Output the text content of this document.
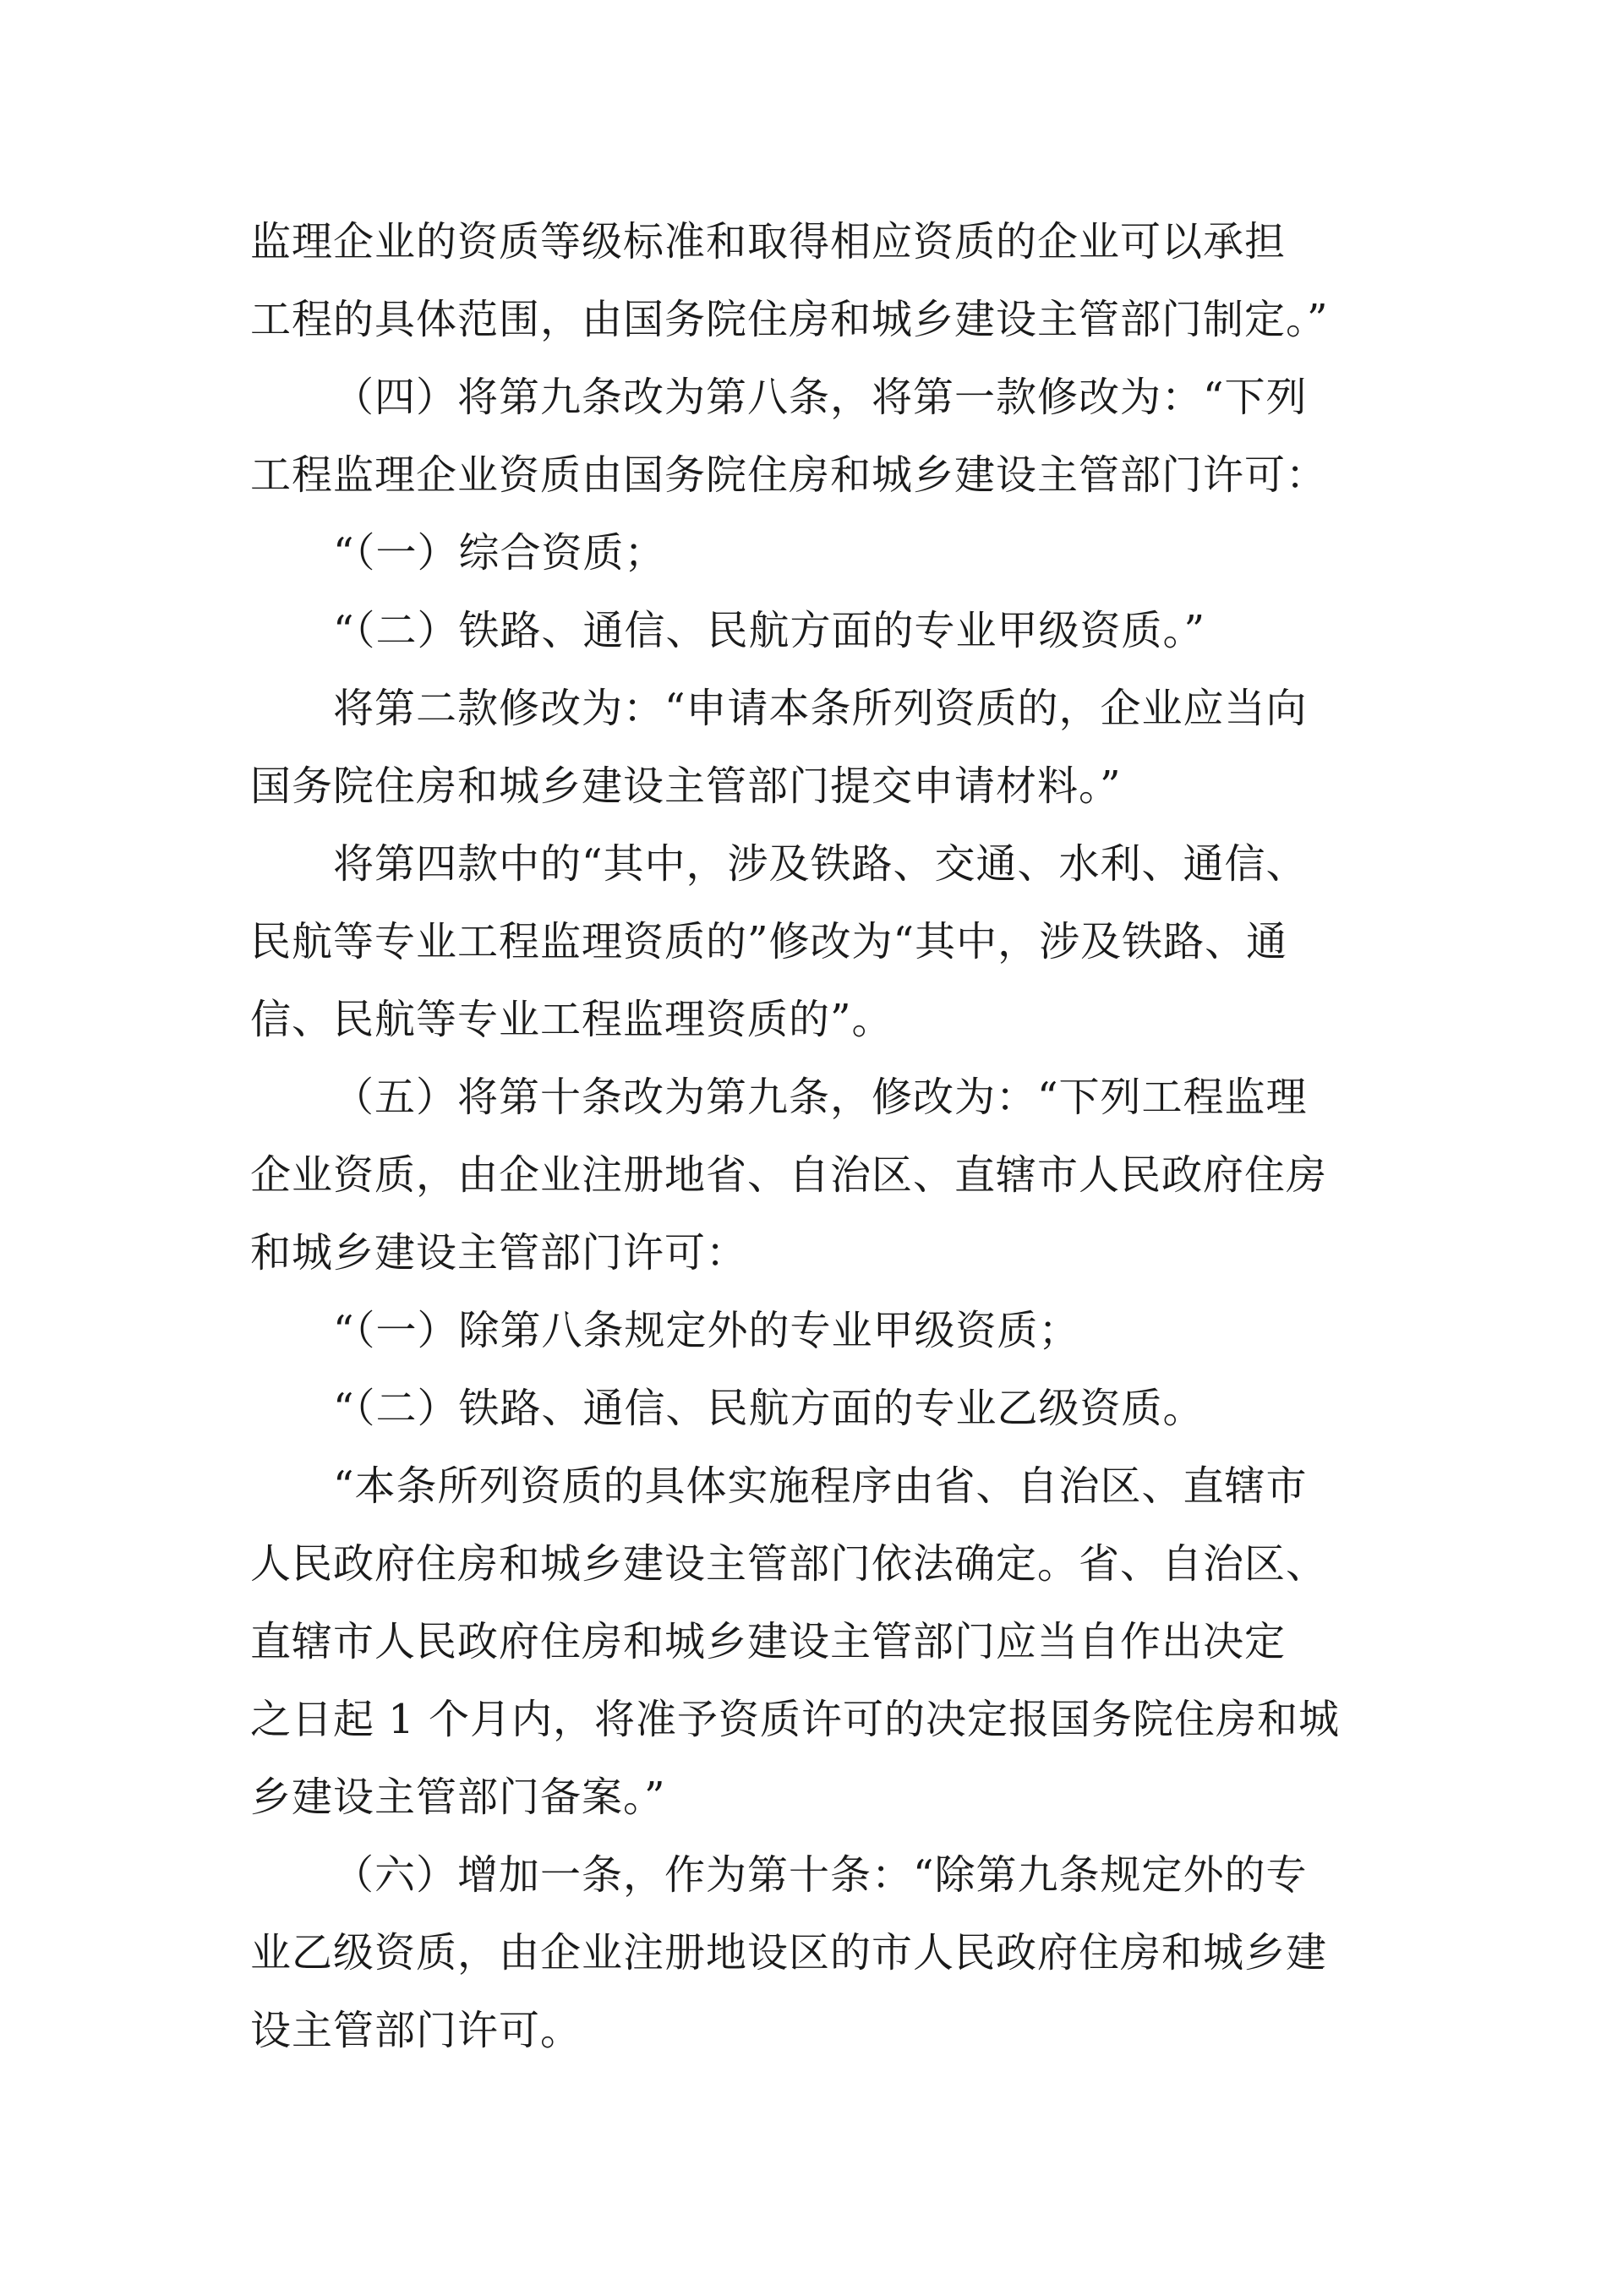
监理企业的资质等级标准和取得相应资质的企业可以承担
工程的具体范围，由国务院住房和城乡建设主管部门制定。”
（四）将第九条改为第八条，将第一款修改为：“下列
工程监理企业资质由国务院住房和城乡建设主管部门许可：
“（一）综合资质；
“（二）铁路、通信、民航方面的专业甲级资质。”
将第二款修改为：“申请本条所列资质的，企业应当向
国务院住房和城乡建设主管部门提交申请材料。”
将第四款中的“其中，涉及铁路、交通、水利、通信、
民航等专业工程监理资质的”修改为“其中，涉及铁路、通
信、民航等专业工程监理资质的”。
（五）将第十条改为第九条，修改为：“下列工程监理
企业资质，由企业注册地省、自治区、直辖市人民政府住房
和城乡建设主管部门许可：
“（一）除第八条规定外的专业甲级资质；
“（二）铁路、通信、民航方面的专业乙级资质。
“本条所列资质的具体实施程序由省、自治区、直辖市
人民政府住房和城乡建设主管部门依法确定。省、自治区、
直辖市人民政府住房和城乡建设主管部门应当自作出决定
之日起 1 个月内，将准予资质许可的决定报国务院住房和城
乡建设主管部门备案。”
（六）增加一条，作为第十条：“除第九条规定外的专
业乙级资质，由企业注册地设区的市人民政府住房和城乡建
设主管部门许可。
